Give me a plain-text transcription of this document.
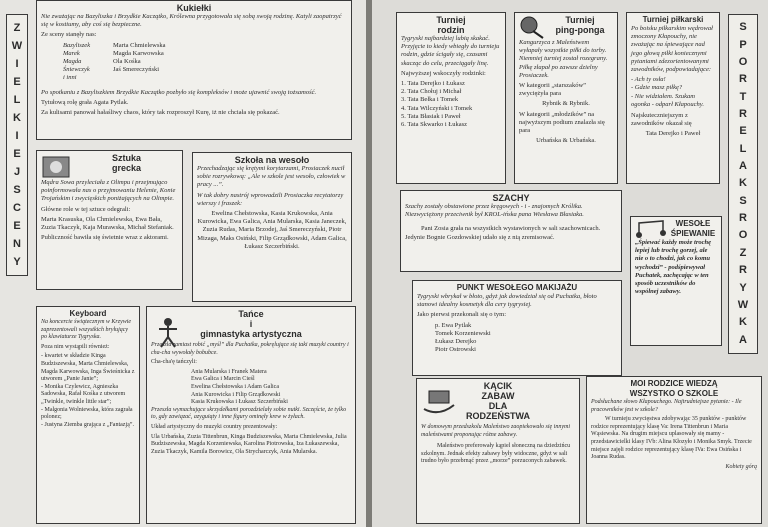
Z
W
I
E
L
K
I
E
J
S
C
E
N
Y
Kukiełki

Nie zważając na Bazyliszka i Brzydkie Kaczątko, Królewna przygotowała się sobą swoją rodzinę. Katyli zaopatrzyć się w kostiumy, aby coś się bezpieczne.

Ze sceny stanęły nas:

Bazyliszek	Marta Chmielewska
Marek	Magda Karwowska
Magda	Ola Kośka
Śniewczyk	Jaś Smereczyński
i inni

Po spotkaniu z Bazyliszkiem Brzydkie Kaczątko pozbyło się kompleksów i może ujawnić swoją tożsamość.

Tytułową rolę grała Agata Pytlak.

Za kulisami panował hałaśliwy chaos, który tak rozproszył Kurę, iż nie chciała się pokazać.

Sztuka
grecka

Mądra Sowa przyleciała z Olimpu i przejmująco poinformowała nas o przyjmowaniu Helenie, Konie Trojańskim i zwycięskich poniżających na Olimpie.

Główne role w tej sztuce odegrali:

Marta Krasuska, Ola Chmielewska, Ewa Bała, Zuzia Tkaczyk, Kaja Murawska, Michał Stefaniak.

Publiczność bawiła się świetnie wraz z aktorami.

Szkoła na wesoło

Przechadzając się krętymi korytarzami, Prosiaczek nucił sobie rozrywkową: „Ale w szkole jest wesoło, człowiek w pracy ...”.

W tak dobry nastrój wprowadzili Prosiaczka recytatorzy wierszy i fraszek:

Ewelina Chełstowska, Kasia Krukowska, Ania Kurowicka, Ewa Galica, Ania Mularska, Kasia Janeczek, Zuzia Rudas, Maria Brzodej, Jaś Smereczyński, Piotr Mizaga, Maks Osiński, Filip Grządkowski, Adam Galica, Łukasz Szczerbiński.

Keyboard

Na koncercie świątecznym w Krzywie zaprezentowali wszystkich bryłujący po klawiaturze Tygryska.

Poza nim wystąpili również:

- kwartet w składzie Kinga Budziszewska, Marta Chmielewska, Magda Karwowska, Inga Świeśnicka z utworem „Panie Janie”;
- Monika Czylewicz, Agnieszka Sadowska, Rafał Kośka z utworem „Twinkle, twinkle little star”;
- Malgonia Wolniewska, która zagrała polonez;
- Justyna Ziemba grająca z „Fantazją”.
Tańce
i
gimnastyka artystyczna

Przeszła zamiast robić „myśl” dla Puchatka, pokręlujące się taki muzyki country i cha-cha wywołały bobubce.

Cha-cha'ę tańczyli:

Ania Mularska i Franek Matera
Ewa Galica i Marcin Cieśl
Ewelina Chełstowska i Adam Galica
Ania Kurowicka i Filip Grządkowski
Kasia Krukowska i Łukasz Szczerbiński

Przeszła wymachujące skrzydełkami porozdzielały sobie nutki. Szczęście, że tylko to, gdy zawiązać, azyguiąty i inne figury ominęły krew w żyłach.

Układ artystyczny do muzyki country prezentowały:

Ula Urbańska, Zuzia Tittenbrun, Kinga Budziszewska, Marta Chmielewska, Julia Budziszewska, Magda Korzeniewska, Karolina Piotrowska, Iza Łukaszewska, Zuzia Tkaczyk, Kamila Borowicz, Ola Strycharczyk, Ania Mularska.

Turniej
rodzin

Tygryski najbardziej lubią skakać. Przyjęcie to kiedy wbiegły do turnieju rodzin, gdzie ścigały się, czasami skacząc do celu, przeciągały linę.

Najwyższej wskoczyły rodzinki:

1. Tata Derejko i Łukasz
2. Tata Chołuj i Michał
3. Tata Bełka i Tomek
4. Tata Wilczyński i Tomek
5. Tata Błasiak i Paweł
6. Tata Skwarko i Łukasz
Turniej
ping-ponga

Kangurzyca z Maleństwem wyłapały wszystkie piłki do torby. Niemniej turniej został rozegrany. Piłkę złapał po zawsze dzielny Prosiaczek.

W kategorii „starszaków” zwyciężyła para

Rybnik & Rybnik.

W kategorii „młodzików” na najwyższym podium znalazła się para

Urbańska & Urbańska.

Turniej piłkarski

Po boisku piłkarskim wędrował zmoczony Kłapouchy, nie zważając na śpiewające nad jego głową piłki koniecznymi pytaniami zdezorientowanymi zawodników, podpowiadające:

- Ach ty osła!
- Gdzie masz piłkę?
- Nie widziałem. Szukam ogonka - odparł Kłapouchy.

Najskuteczniejszym z zawodników okazał się

Tata Derejko i Paweł

S
P
O
R
T
R
E
L
A
K
S
R
O
Z
R
Y
W
K
A
SZACHY

Szachy zostały obstawione przez kręgowych - i - znajomych Królika. Niezwyciężony przeciwnik był KROL-ińska pana Wiesława Błasiaka.

Pani Zosia grała na wszystkich wystawionych w sali szachownicach. Jedynie Bognie Gozdowskiej udało się z nią zremisować.

WESOŁE
ŚPIEWANIE

„Śpiewać każdy może trochę lepiej lub trochę gorzej, ale nie o to chodzi, jak co komu wychodzi” - podśpiewywał Puchatek, zachęcając w ten sposób uczestników do wspólnej zabawy.

PUNKT WESOŁEGO MAKIJAŻU

Tygryski wbrykał w błoto, gdyż jak dowiedział się od Puchatka, błoto stanowi idealny kosmetyk dla cery tygrysiej.

Jako pierwsi przekonali się o tym:

p. Ewa Pytlak
Tomek Korzeniewski
Łukasz Derejko
Piotr Ostrowski
KĄCIK
ZABAW
DLA
RODZEŃSTWA

W domowym przedszkolu Maleństwo zaopiekowało się innymi maleństwami proponując różne zabawy.

Maleństwo preferowały kąpiel słoneczną na dziedzińcu szkolnym. Jednak efekty zabawy były widoczne, gdyż w sali trudno było przebrnąć przez „morze” porzuconych zabawek.

MOI RODZICE WIEDZĄ
WSZYSTKO O SZKOLE

Podsłuchane słowo Kłapouchego. Najtrudniejsze pytanie: - Ile pracowników jest w szkole?

W turnieju zwycięstwa zdobywając 35 punktów - punktów rodzice reprezentujący klasę Va: Irena Tittenbrun i Maria Wąsiewska. Na drugim miejscu uplasowały się mamy - przedstawicielki klasy IVb: Alina Kłozyło i Monika Smyk. Trzecie miejsce zajęli rodzice reprezentujący klasę IVa: Ewa Osińska i Joanna Rudas.

Kobiety górą
